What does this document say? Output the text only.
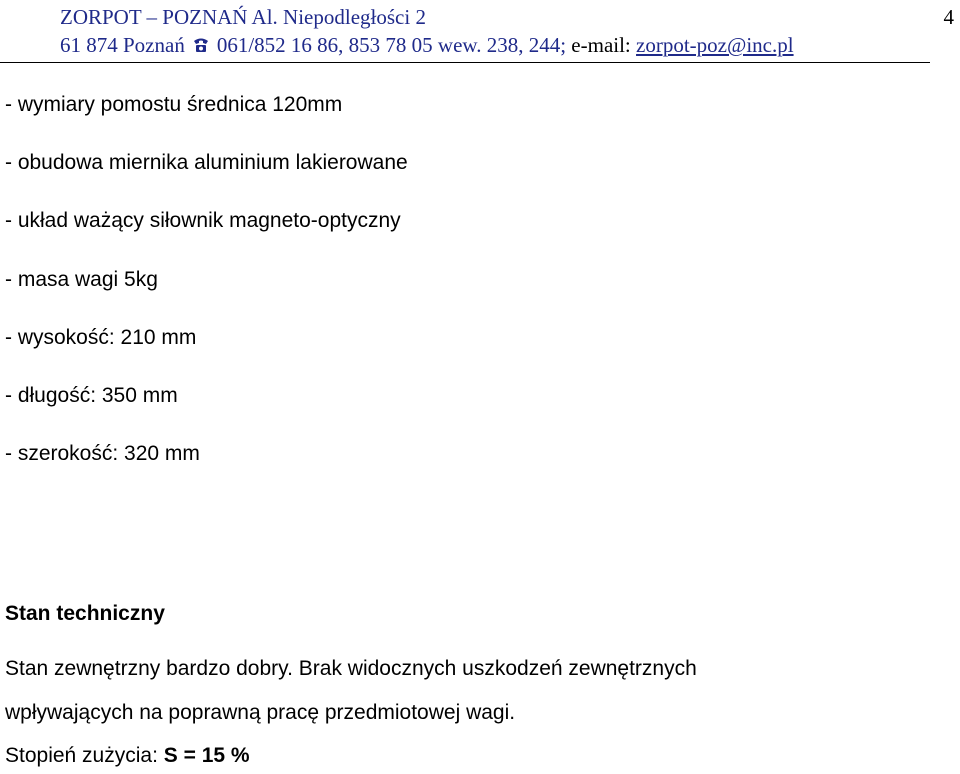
ZORPOT – POZNAŃ Al. Niepodległości 2
61 874 Poznań 061/852 16 86, 853 78 05 wew. 238, 244; e-mail: zorpot-poz@inc.pl
4
- wymiary pomostu średnica 120mm
- obudowa miernika aluminium lakierowane
- układ ważący siłownik magneto-optyczny
- masa wagi 5kg
- wysokość: 210 mm
- długość: 350 mm
- szerokość: 320 mm
Stan techniczny
Stan zewnętrzny bardzo dobry. Brak widocznych uszkodzeń zewnętrznych
wpływających na poprawną pracę przedmiotowej wagi.
Stopień zużycia: S = 15 %
